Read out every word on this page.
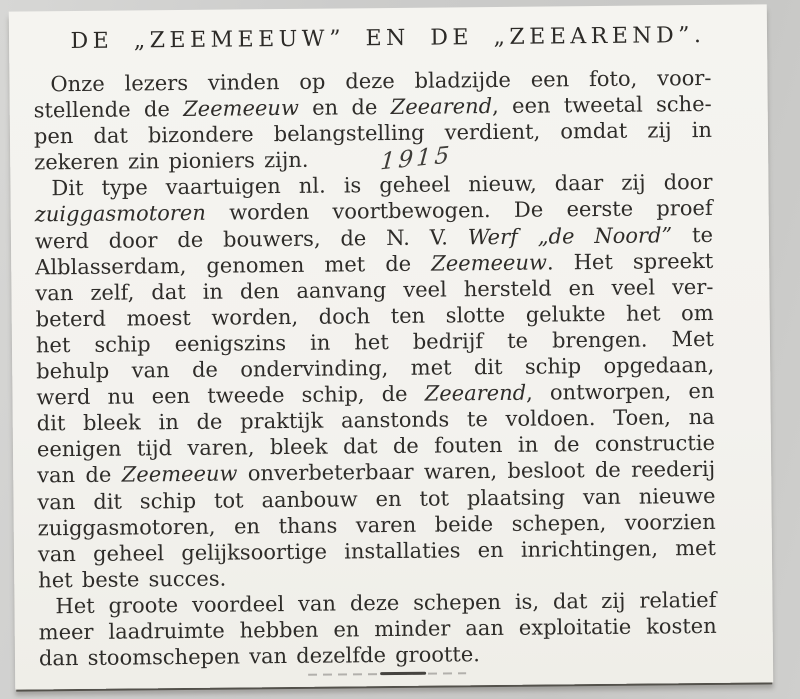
DE „ZEEMEEUW” EN DE „ZEEAREND”.
Onze lezers vinden op deze bladzijde een foto, voor-
stellende de Zeemeeuw en de Zeearend, een tweetal sche-
pen dat bizondere belangstelling verdient, omdat zij in
zekeren zin pioniers zijn.	1915
Dit type vaartuigen nl. is geheel nieuw, daar zij door
zuiggasmotoren worden voortbewogen. De eerste proef
werd door de bouwers, de N. V. Werf „de Noord” te
Alblasserdam, genomen met de Zeemeeuw. Het spreekt
van zelf, dat in den aanvang veel hersteld en veel ver-
beterd moest worden, doch ten slotte gelukte het om
het schip eenigszins in het bedrijf te brengen. Met
behulp van de ondervinding, met dit schip opgedaan,
werd nu een tweede schip, de Zeearend, ontworpen, en
dit bleek in de praktijk aanstonds te voldoen. Toen, na
eenigen tijd varen, bleek dat de fouten in de constructie
van de Zeemeeuw onverbeterbaar waren, besloot de reederij
van dit schip tot aanbouw en tot plaatsing van nieuwe
zuiggasmotoren, en thans varen beide schepen, voorzien
van geheel gelijksoortige installaties en inrichtingen, met
het beste succes.
Het groote voordeel van deze schepen is, dat zij relatief
meer laadruimte hebben en minder aan exploitatie kosten
dan stoomschepen van dezelfde grootte.
